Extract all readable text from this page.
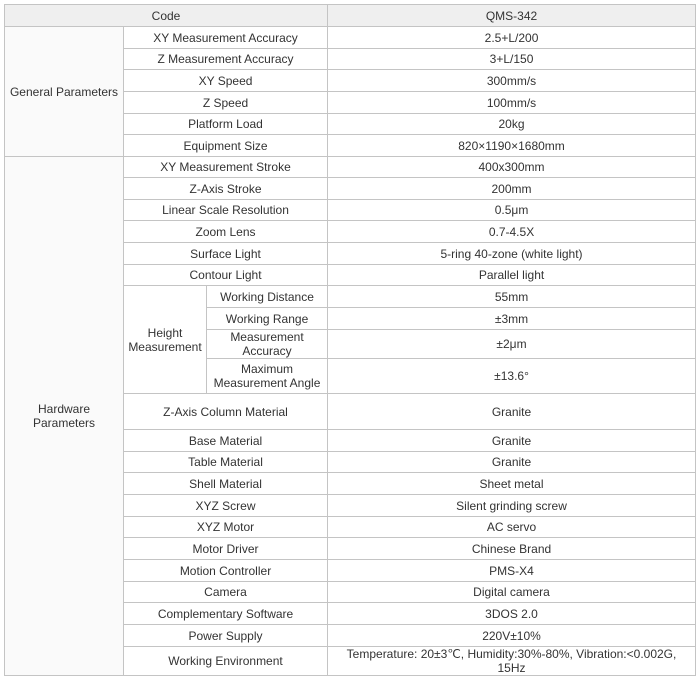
Code			QMS-342
General Parameters	XY Measurement Accuracy		2.5+L/200
	Z Measurement Accuracy		3+L/150
	XY Speed		300mm/s
	Z Speed		100mm/s
	Platform Load		20kg
	Equipment Size		820×1190×1680mm
Hardware Parameters	XY Measurement Stroke		400x300mm
	Z-Axis Stroke		200mm
	Linear Scale Resolution		0.5μm
	Zoom Lens		0.7-4.5X
	Surface Light		5-ring 40-zone (white light)
	Contour Light		Parallel light
	Height Measurement	Working Distance	55mm
		Working Range	±3mm
		Measurement Accuracy	±2μm
		Maximum Measurement Angle	±13.6°
	Z-Axis Column Material		Granite
	Base Material		Granite
	Table Material		Granite
	Shell Material		Sheet metal
	XYZ Screw		Silent grinding screw
	XYZ Motor		AC servo
	Motor Driver		Chinese Brand
	Motion Controller		PMS-X4
	Camera		Digital camera
	Complementary Software		3DOS 2.0
	Power Supply		220V±10%
	Working Environment		Temperature: 20±3℃, Humidity:30%-80%, Vibration:<0.002G, 15Hz
